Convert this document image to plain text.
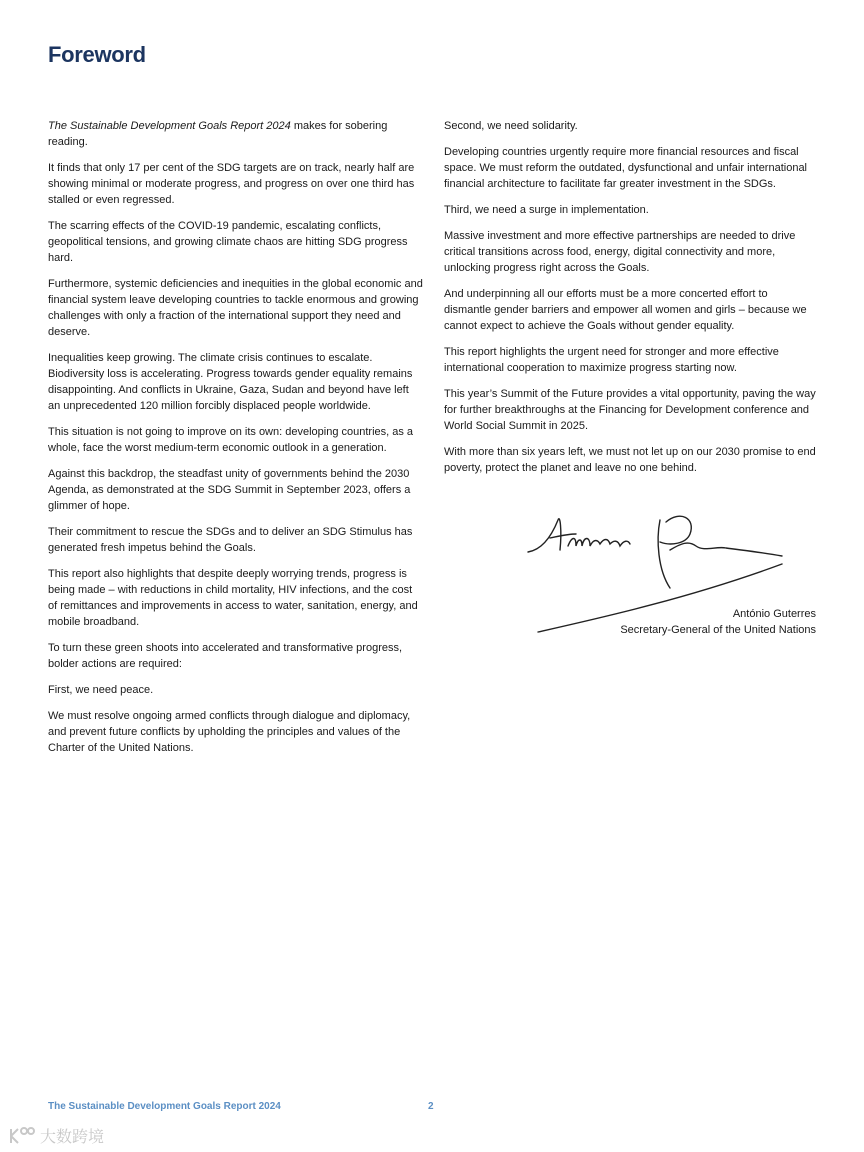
Foreword

The Sustainable Development Goals Report 2024 makes for sobering reading.

It finds that only 17 per cent of the SDG targets are on track, nearly half are showing minimal or moderate progress, and progress on over one third has stalled or even regressed.

The scarring effects of the COVID-19 pandemic, escalating conflicts, geopolitical tensions, and growing climate chaos are hitting SDG progress hard.

Furthermore, systemic deficiencies and inequities in the global economic and financial system leave developing countries to tackle enormous and growing challenges with only a fraction of the international support they need and deserve.

Inequalities keep growing. The climate crisis continues to escalate. Biodiversity loss is accelerating. Progress towards gender equality remains disappointing. And conflicts in Ukraine, Gaza, Sudan and beyond have left an unprecedented 120 million forcibly displaced people worldwide.

This situation is not going to improve on its own: developing countries, as a whole, face the worst medium-term economic outlook in a generation.

Against this backdrop, the steadfast unity of governments behind the 2030 Agenda, as demonstrated at the SDG Summit in September 2023, offers a glimmer of hope.

Their commitment to rescue the SDGs and to deliver an SDG Stimulus has generated fresh impetus behind the Goals.

This report also highlights that despite deeply worrying trends, progress is being made – with reductions in child mortality, HIV infections, and the cost of remittances and improvements in access to water, sanitation, energy, and mobile broadband.

To turn these green shoots into accelerated and transformative progress, bolder actions are required:

First, we need peace.

We must resolve ongoing armed conflicts through dialogue and diplomacy, and prevent future conflicts by upholding the principles and values of the Charter of the United Nations.

Second, we need solidarity.

Developing countries urgently require more financial resources and fiscal space. We must reform the outdated, dysfunctional and unfair international financial architecture to facilitate far greater investment in the SDGs.

Third, we need a surge in implementation.

Massive investment and more effective partnerships are needed to drive critical transitions across food, energy, digital connectivity and more, unlocking progress right across the Goals.

And underpinning all our efforts must be a more concerted effort to dismantle gender barriers and empower all women and girls – because we cannot expect to achieve the Goals without gender equality.

This report highlights the urgent need for stronger and more effective international cooperation to maximize progress starting now.

This year’s Summit of the Future provides a vital opportunity, paving the way for further breakthroughs at the Financing for Development conference and World Social Summit in 2025.

With more than six years left, we must not let up on our 2030 promise to end poverty, protect the planet and leave no one behind.

António Guterres
Secretary-General of the United Nations
The Sustainable Development Goals Report 2024	2
大数跨境
